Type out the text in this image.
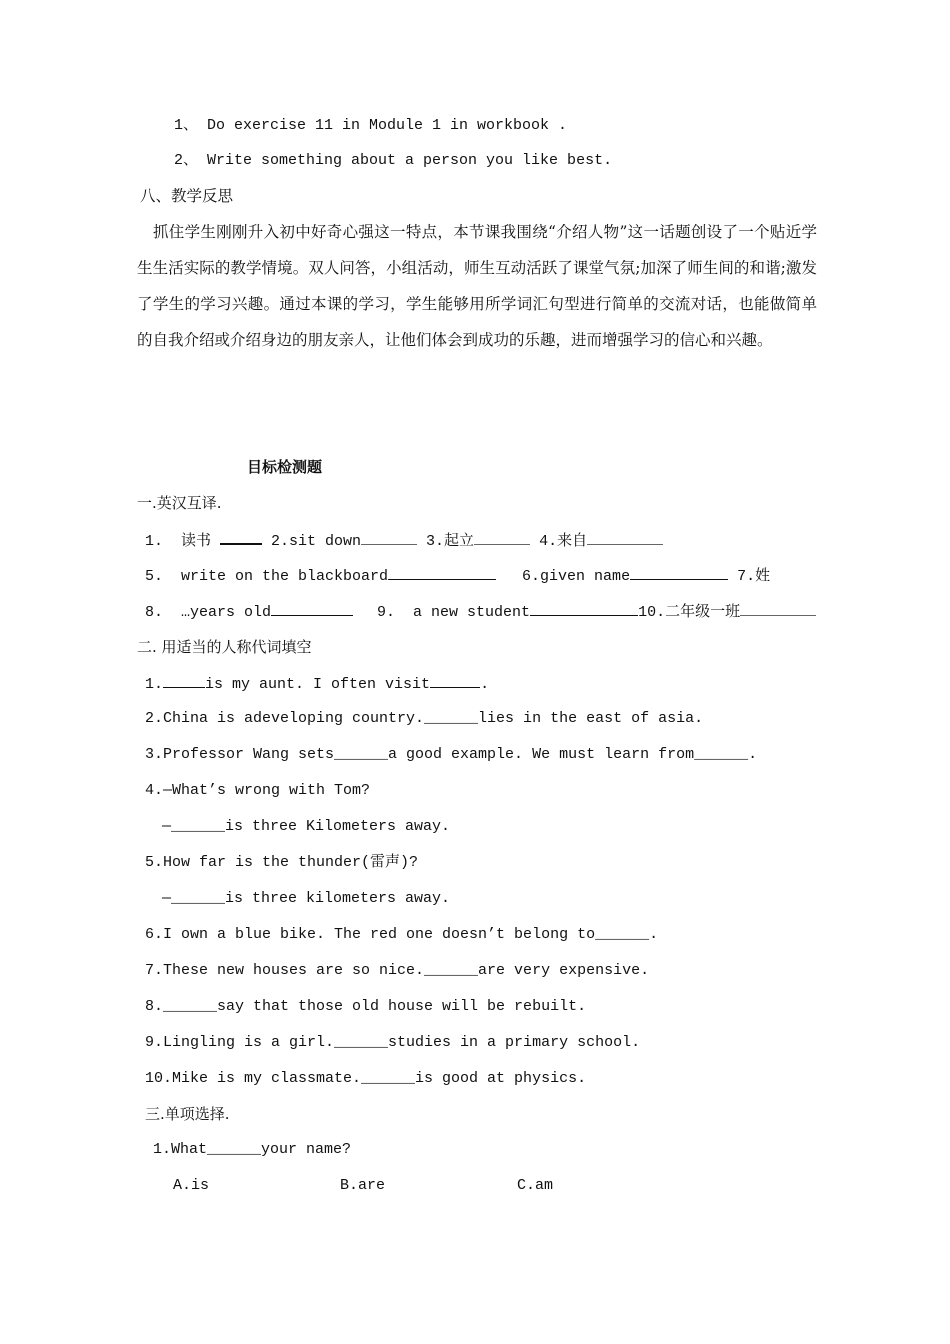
1、 Do exercise 11 in Module 1 in workbook .
2、 Write something about a person you like best.
八、教学反思
抓住学生刚刚升入初中好奇心强这一特点，本节课我围绕“介绍人物”这一话题创设了一个贴近学生生活实际的教学情境。双人问答，小组活动，师生互动活跃了课堂气氛;加深了师生间的和谐;激发了学生的学习兴趣。通过本课的学习，学生能够用所学词汇句型进行简单的交流对话，也能做简单的自我介绍或介绍身边的朋友亲人，让他们体会到成功的乐趣，进而增强学习的信心和兴趣。
目标检测题
一.英汉互译.
1.  读书	2.sit down	3.起立	4.来自
5.  write on the blackboard	6.given name	7.姓
8.  …years old	9.  a new student	10.二年级一班
二. 用适当的人称代词填空
1.	is my aunt. I often visit	.
2.China is adeveloping country.______lies in the east of asia.
3.Professor Wang sets______a good example. We must learn from______.
4.—What’s wrong with Tom?
—______is three Kilometers away.
5.How far is the thunder(雷声)?
—______is three kilometers away.
6.I own a blue bike. The red one doesn’t belong to______.
7.These new houses are so nice.______are very expensive.
8.______say that those old house will be rebuilt.
9.Lingling is a girl.______studies in a primary school.
10.Mike is my classmate.______is good at physics.
三.单项选择.
1.What______your name?
A.is	B.are	C.am
